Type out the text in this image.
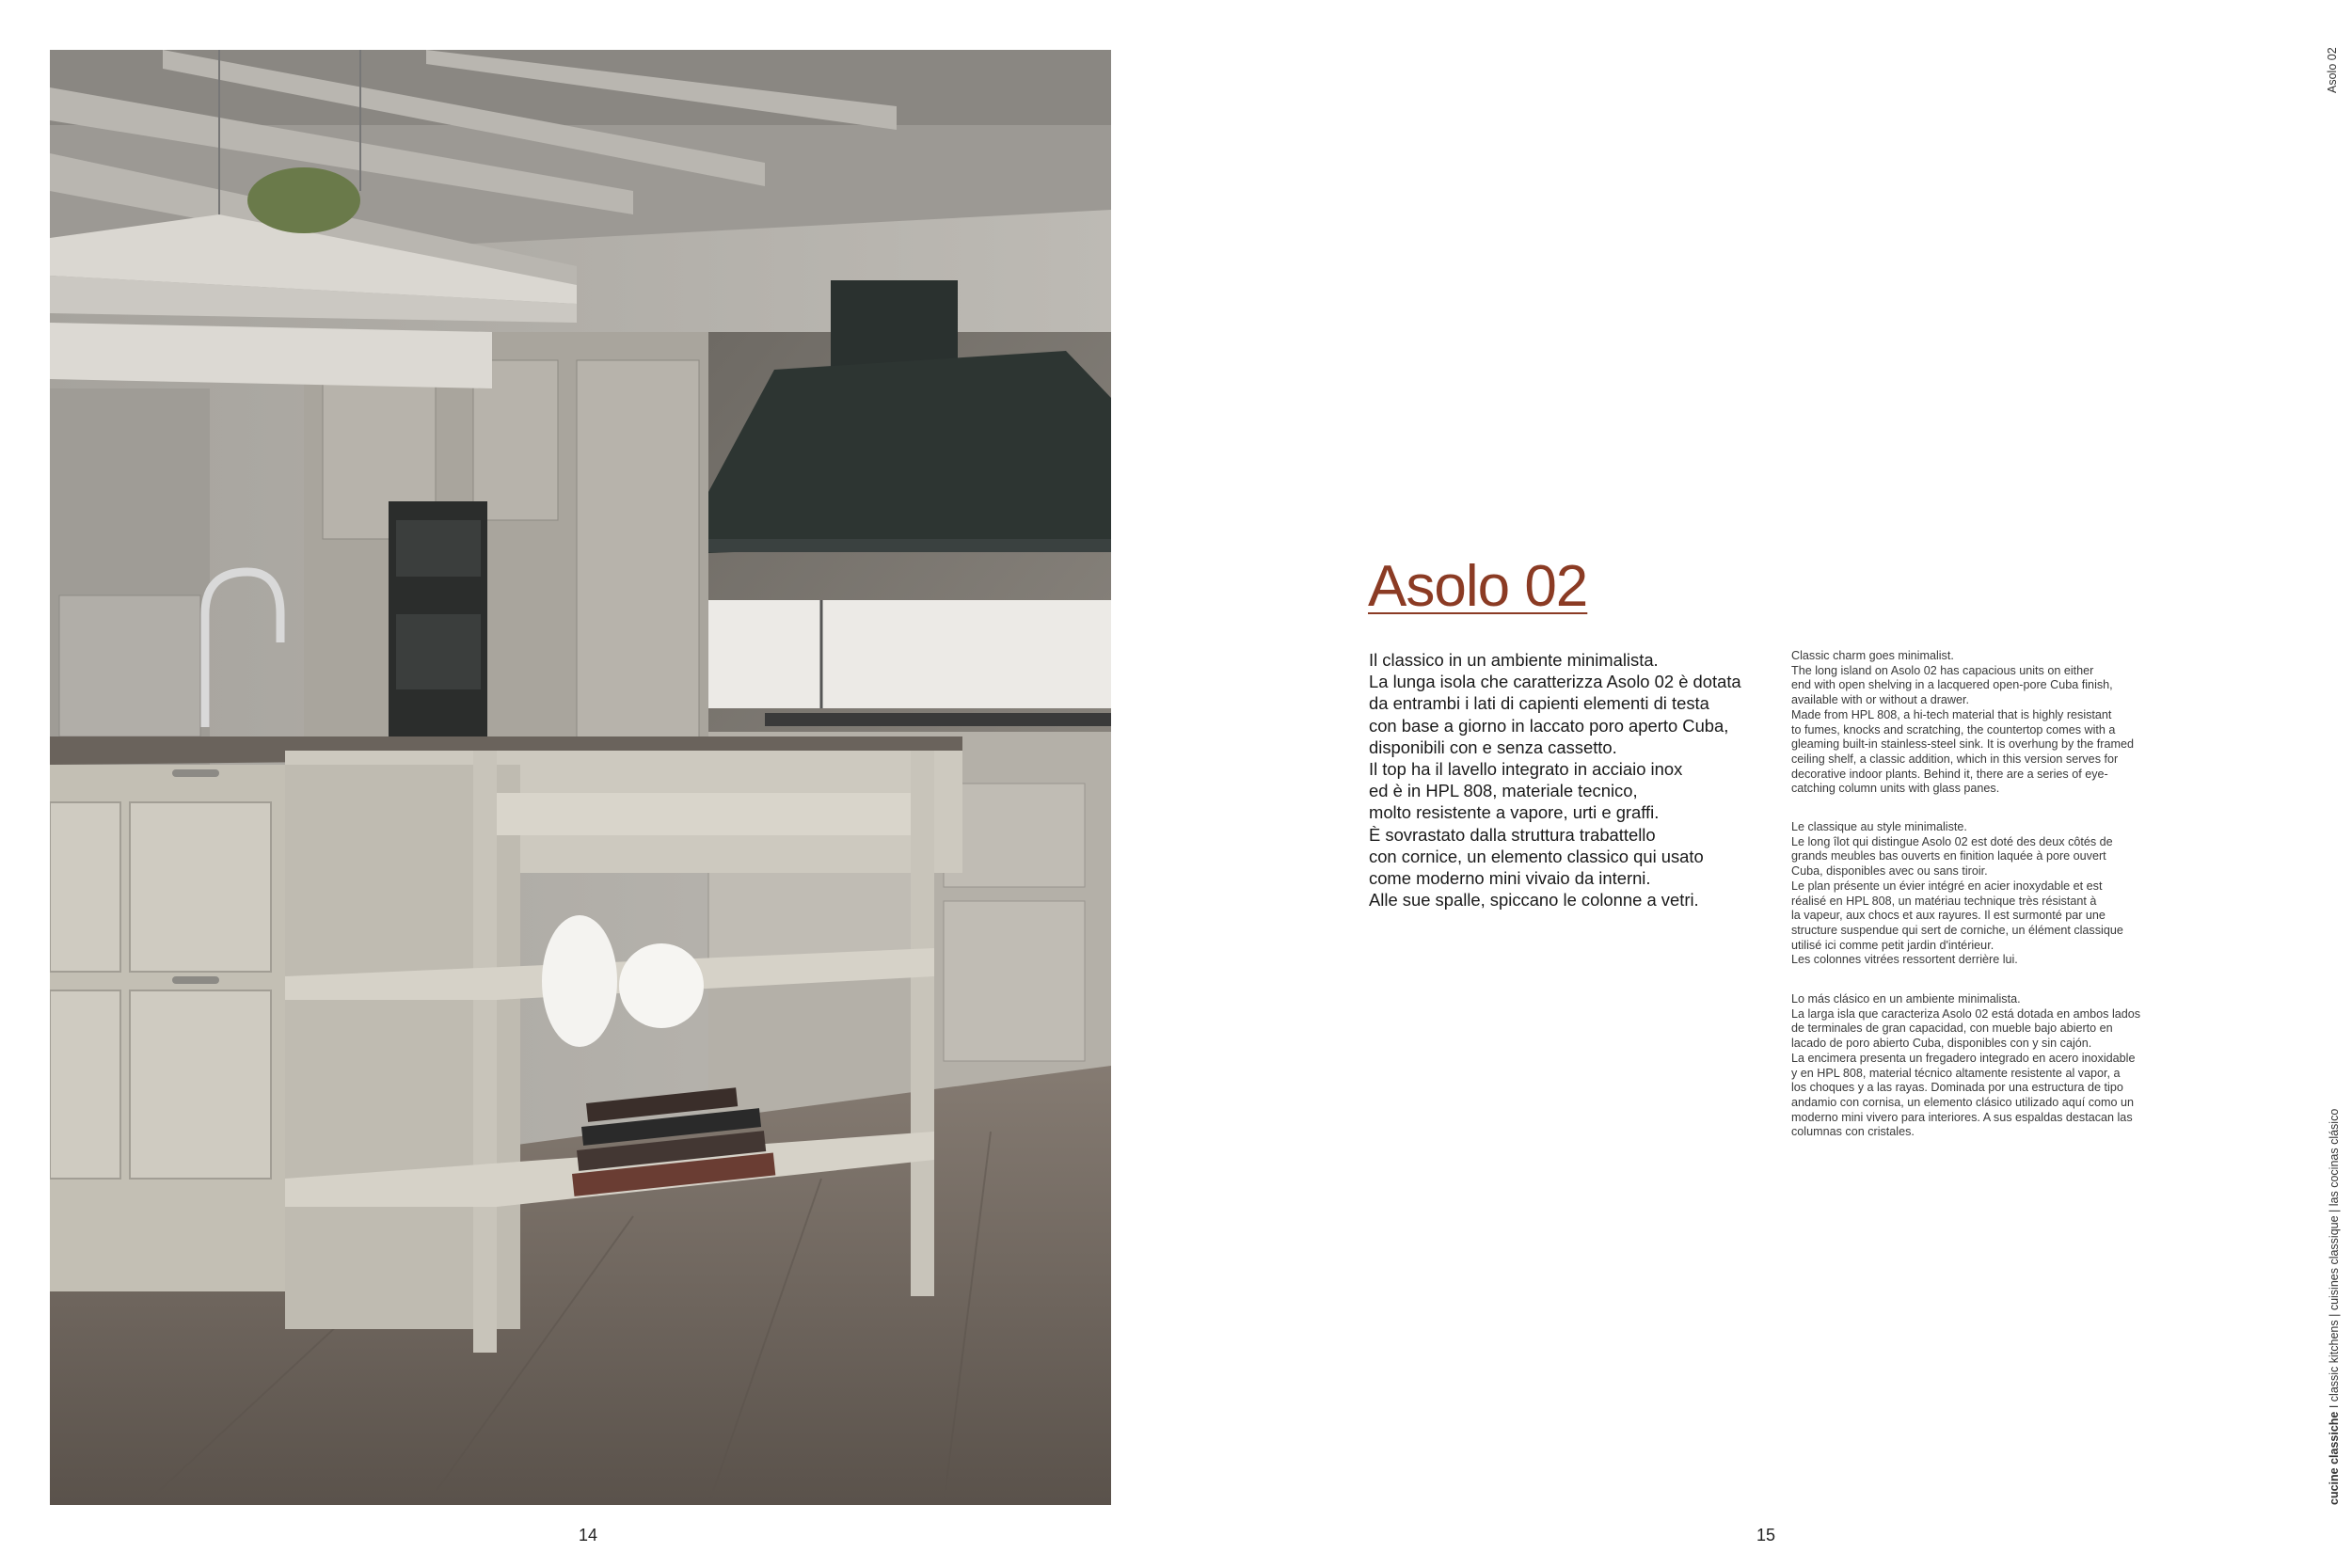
Asolo 02
Il classico in un ambiente minimalista.
La lunga isola che caratterizza Asolo 02 è dotata
da entrambi i lati di capienti elementi di testa
con base a giorno in laccato poro aperto Cuba,
disponibili con e senza cassetto.
Il top ha il lavello integrato in acciaio inox
ed è in HPL 808, materiale tecnico,
molto resistente a vapore, urti e graffi.
È sovrastato dalla struttura trabattello
con cornice, un elemento classico qui usato
come moderno mini vivaio da interni.
Alle sue spalle, spiccano le colonne a vetri.
Classic charm goes minimalist.
The long island on Asolo 02 has capacious units on either
end with open shelving in a lacquered open-pore Cuba finish,
available with or without a drawer.
Made from HPL 808, a hi-tech material that is highly resistant
to fumes, knocks and scratching, the countertop comes with a
gleaming built-in stainless-steel sink. It is overhung by the framed
ceiling shelf, a classic addition, which in this version serves for
decorative indoor plants. Behind it, there are a series of eye-
catching column units with glass panes.
Le classique au style minimaliste.
Le long îlot qui distingue Asolo 02 est doté des deux côtés de
grands meubles bas ouverts en finition laquée à pore ouvert
Cuba, disponibles avec ou sans tiroir.
Le plan présente un évier intégré en acier inoxydable et est
réalisé en HPL 808, un matériau technique très résistant à
la vapeur, aux chocs et aux rayures. Il est surmonté par une
structure suspendue qui sert de corniche, un élément classique
utilisé ici comme petit jardin d'intérieur.
Les colonnes vitrées ressortent derrière lui.
Lo más clásico en un ambiente minimalista.
La larga isla que caracteriza Asolo 02 está dotada en ambos lados
de terminales de gran capacidad, con mueble bajo abierto en
lacado de poro abierto Cuba, disponibles con y sin cajón.
La encimera presenta un fregadero integrado en acero inoxidable
y en HPL 808, material técnico altamente resistente al vapor, a
los choques y a las rayas. Dominada por una estructura de tipo
andamio con cornisa, un elemento clásico utilizado aquí como un
moderno mini vivero para interiores. A sus espaldas destacan las
columnas con cristales.
14	15
Asolo 02
cucine classiche I classic kitchens | cuisines classique | las cocinas clásico
